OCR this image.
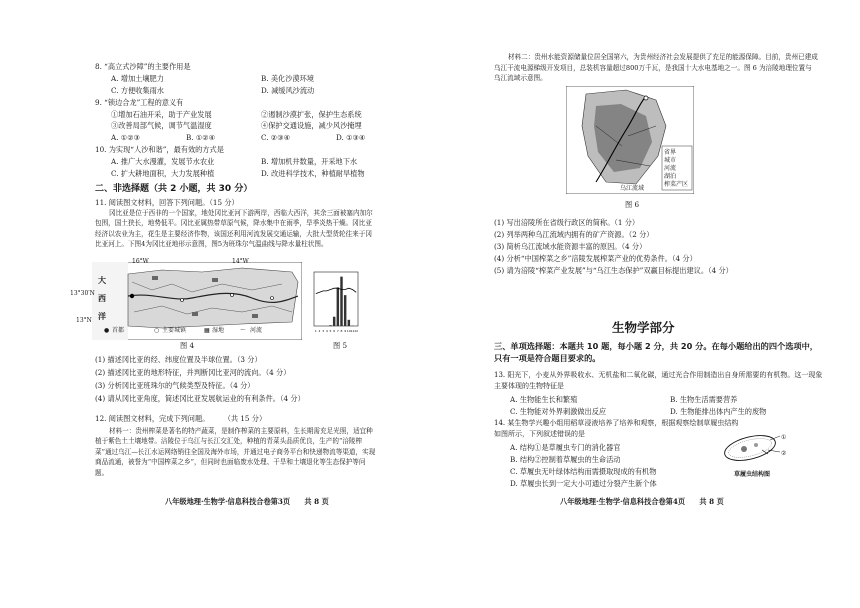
8. “高立式沙障”的主要作用是
A. 增加土壤肥力	B. 美化沙漠环境
C. 方便收集雨水	D. 减缓风沙流动
9. “锁边合龙”工程的意义有
①增加石油开采，助于产业发展	②遏制沙漠扩张，保护生态系统
③改善局部气候，调节气温湿度	④保护交通设施，减少风沙掩埋
A. ①②③	B. ①②④	C. ②③④	D. ①③④
10. 为实现“人沙和谐”，最有效的方式是
A. 推广大水漫灌，发展节水农业	B. 增加机井数量，开采地下水
C. 扩大耕地面积，大力发展种植	D. 改进科学技术，种植耐旱植物
二、非选择题（共 2 小题，共 30 分）
11. 阅读图文材料，回答下列问题。（15 分）
冈比亚是位于西非的一个国家，地处冈比亚河下游两岸，西临大西洋，其余三面被塞内加尔包围，国土狭长，地势低平。冈比亚属热带草原气候，降水集中在雨季，旱季炎热干燥。冈比亚经济以农业为主，花生是主要经济作物，该国还利用河流发展交通运输，大批大型货轮往来于冈比亚河上。下图4为冈比亚地形示意图，图5为班珠尔气温曲线与降水量柱状图。
16°W	14°W
13°30′N
13°N
大
西
洋
● 首都	○ 主要城镇	▦ 湿地	～ 河流
图 4
1 2 3 4 5 6 7 8 9 10 11 12
图 5
(1) 描述冈比亚的经、纬度位置及半球位置。（3 分）
(2) 描述冈比亚的地形特征，并判断冈比亚河的流向。（4 分）
(3) 分析冈比亚班珠尔的气候类型及特征。（4 分）
(4) 请从冈比亚角度，简述冈比亚发展航运业的有利条件。（4 分）
12. 阅读图文材料，完成下列问题。　　　（共 15 分）
材料一：贵州榨菜是著名的特产蔬菜，是制作榨菜的主要原料，生长期需充足光照，适宜种植于紫色土土壤地带。涪陵位于乌江与长江交汇处，种植的青菜头品质优良，生产的“涪陵榨菜”通过乌江—长江水运网络销往全国及海外市场，并通过电子商务平台和快递物流等渠道，实现商品流通，被誉为“中国榨菜之乡”，但同时也面临废水处理、干旱和土壤退化等生态保护等问题。
八年级地理·生物学·信息科技合卷第3页　　共 8 页
材料二：贵州水能资源储量位居全国第六，为贵州经济社会发展提供了充足的能源保障。目前，贵州已建成乌江干流电源梯级开发项目，总装机容量超过800万千瓦，是我国十大水电基地之一。图 6 为涪陵地理位置与乌江流域示意图。
省界
城市
河流
湖泊
榨菜产区
乌江流域
图 6
(1) 写出涪陵所在省级行政区的简称。（1 分）
(2) 列举两种乌江流域内拥有的矿产资源。（2 分）
(3) 简析乌江流域水能资源丰富的原因。（4 分）
(4) 分析“中国榨菜之乡”涪陵发展榨菜产业的优势条件。（4 分）
(5) 请为涪陵“榨菜产业发展”与“乌江生态保护”双赢目标提出建议。（4 分）
生物学部分
三、单项选择题：本题共 10 题，每小题 2 分，共 20 分。在每小题给出的四个选项中，只有一项是符合题目要求的。
13. 阳光下，小麦从外界吸收水、无机盐和二氧化碳，通过光合作用制造出自身所需要的有机物。这一现象主要体现的生物特征是
A. 生物能生长和繁殖	B. 生物生活需要营养
C. 生物能对外界刺激做出反应	D. 生物能排出体内产生的废物
14. 某生物学兴趣小组用稻草浸液培养了培养和观察，根据观察绘制草履虫结构如图所示，下列叙述错误的是
A. 结构①是草履虫专门的消化器官
B. 结构②控制着草履虫的生命活动
C. 草履虫无叶绿体结构而需摄取现成的有机物
D. 草履虫长到一定大小可通过分裂产生新个体
①
②
草履虫结构图
八年级地理·生物学·信息科技合卷第4页　　共 8 页
